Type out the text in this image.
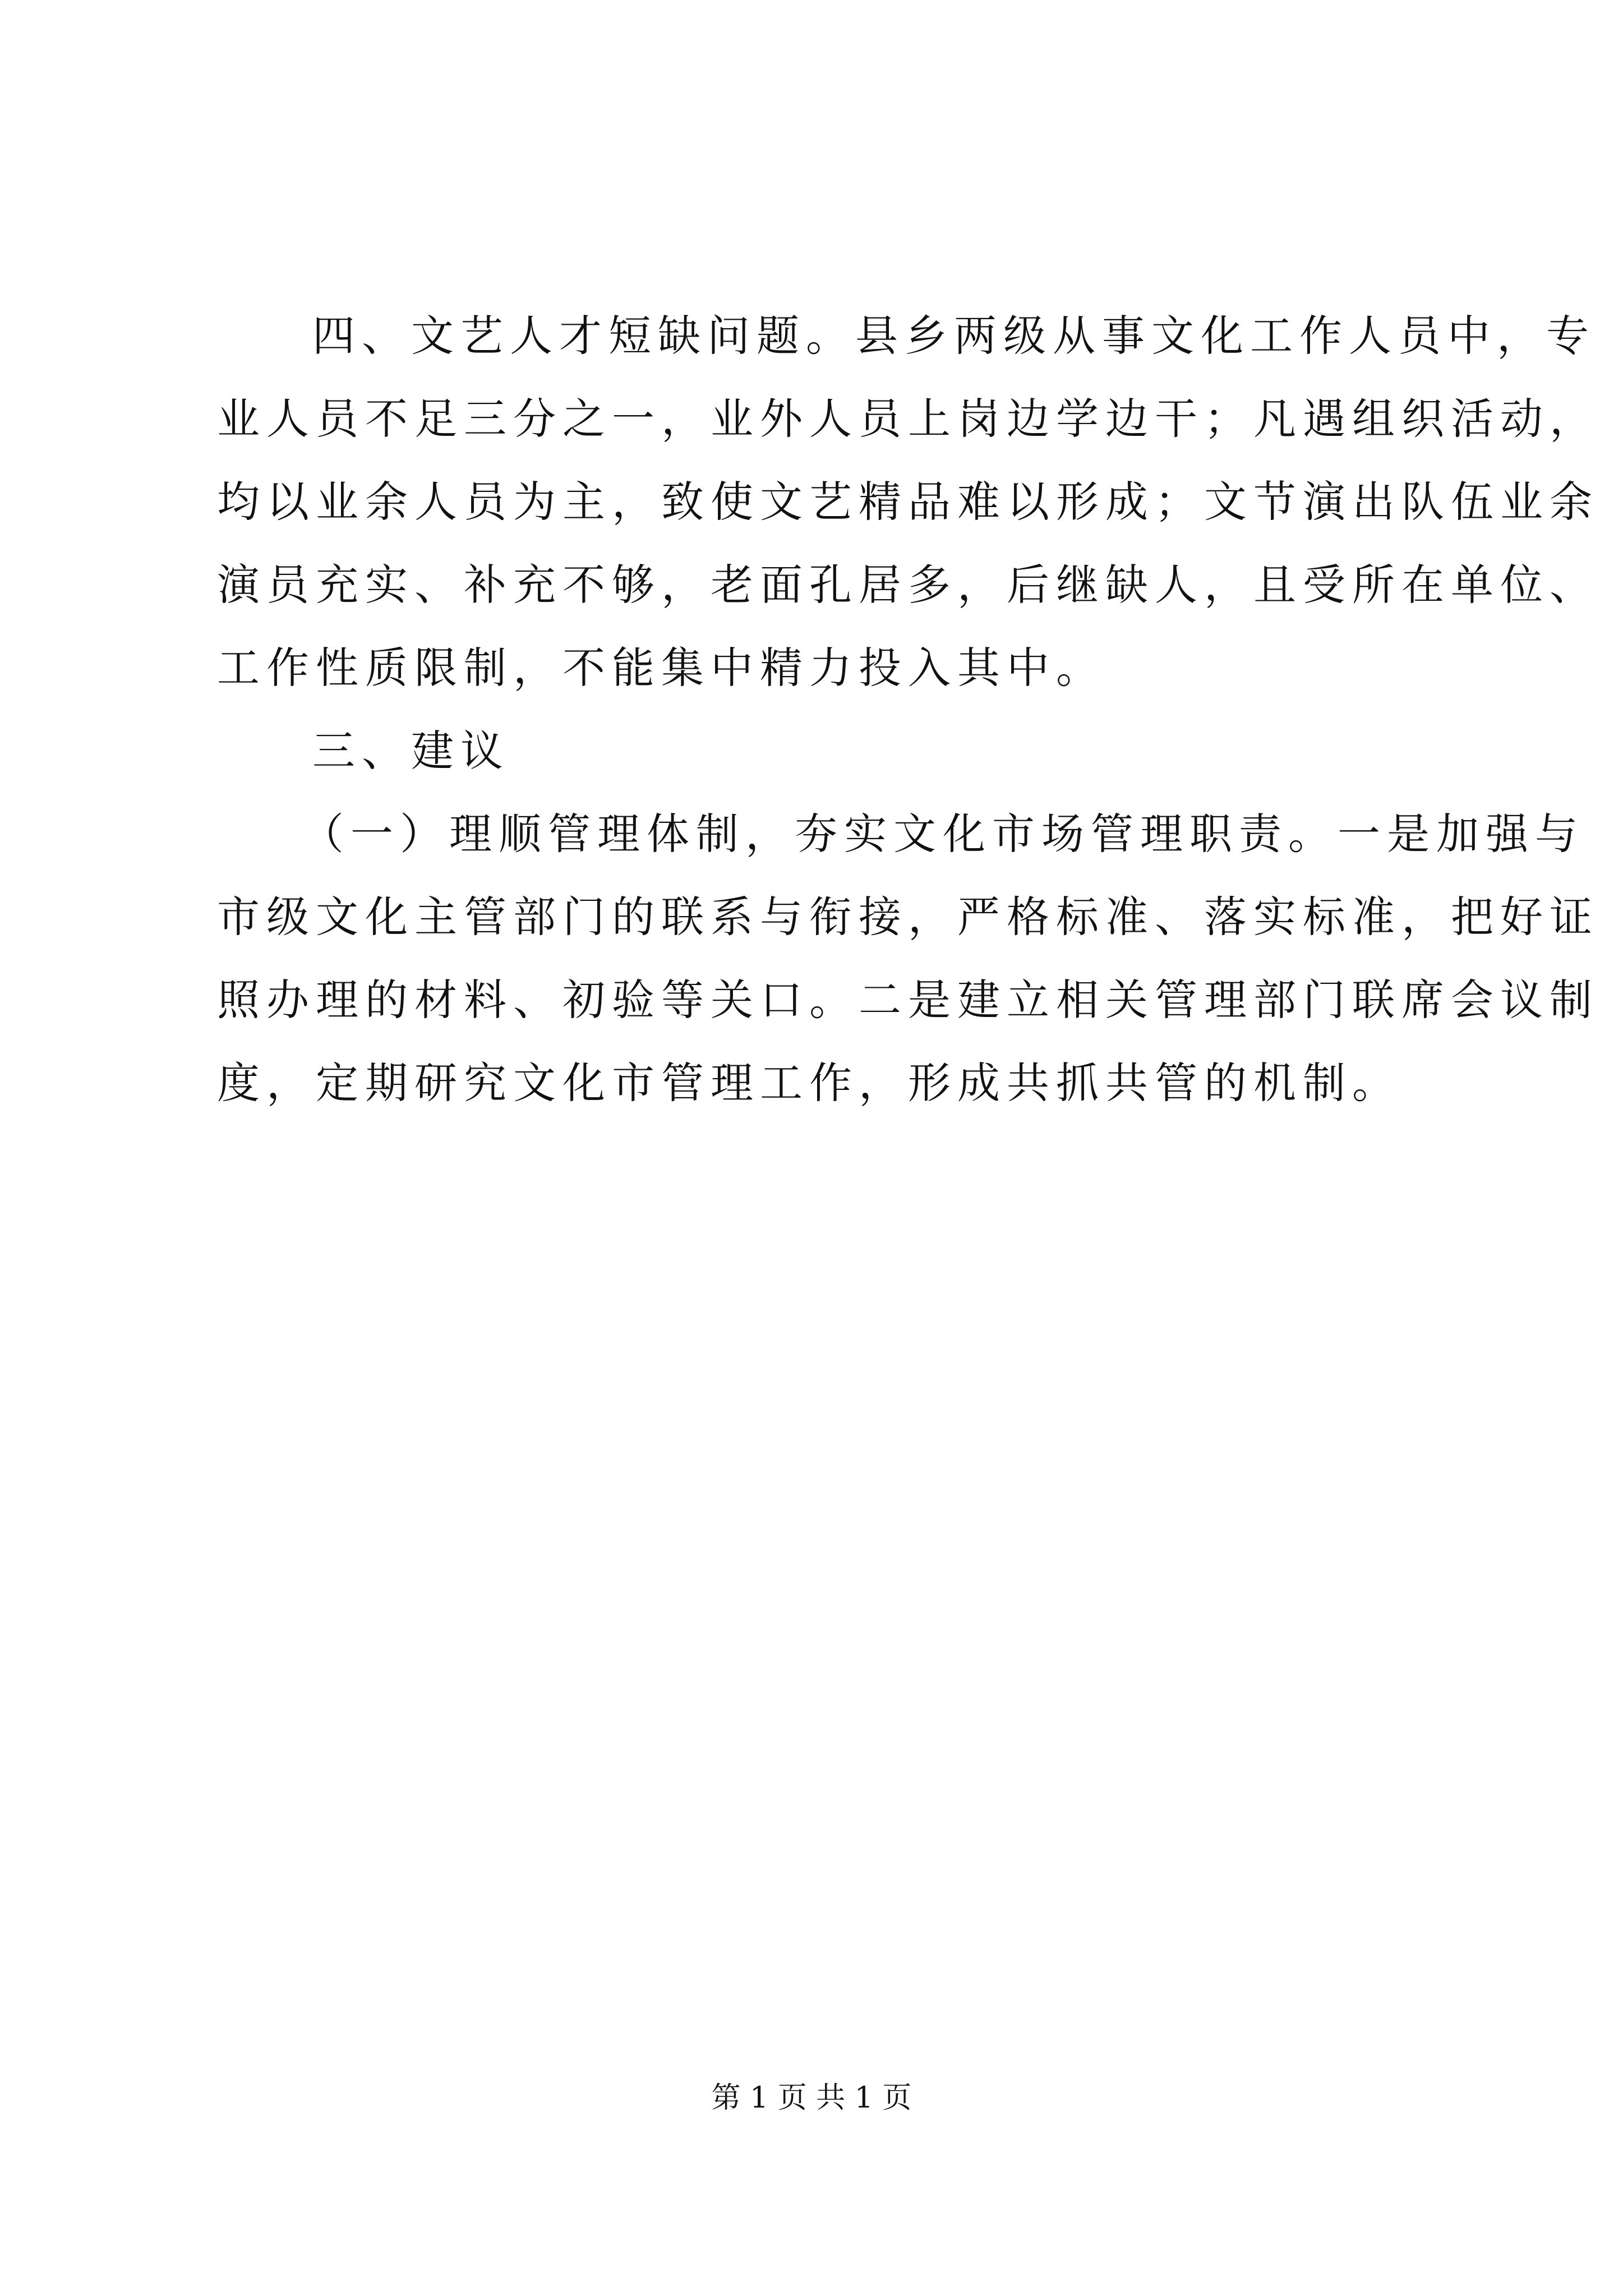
四、文艺人才短缺问题。县乡两级从事文化工作人员中，专
业人员不足三分之一，业外人员上岗边学边干；凡遇组织活动，
均以业余人员为主，致使文艺精品难以形成；文节演出队伍业余
演员充实、补充不够，老面孔居多，后继缺人，且受所在单位、
工作性质限制，不能集中精力投入其中。
三、建议
（一）理顺管理体制，夯实文化市场管理职责。一是加强与
市级文化主管部门的联系与衔接，严格标准、落实标准，把好证
照办理的材料、初验等关口。二是建立相关管理部门联席会议制
度，定期研究文化市管理工作，形成共抓共管的机制。
第 1 页 共 1 页
